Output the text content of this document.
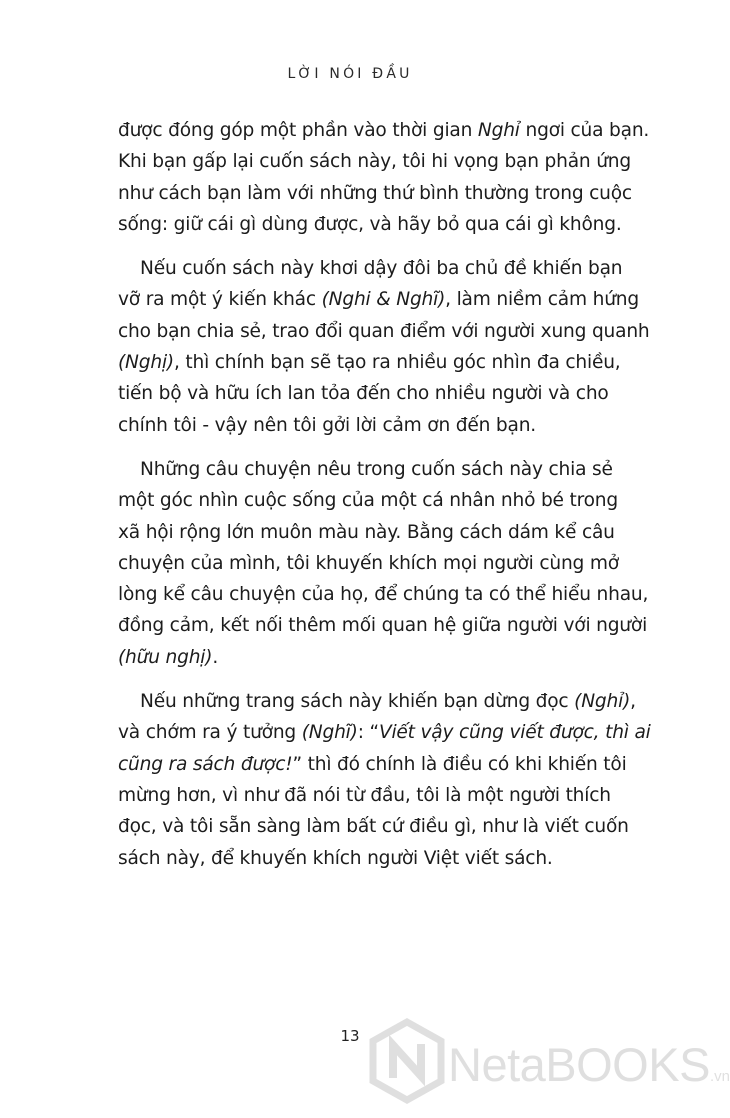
LỜI NÓI ĐẦU

được đóng góp một phần vào thời gian Nghỉ ngơi của bạn.
Khi bạn gấp lại cuốn sách này, tôi hi vọng bạn phản ứng
như cách bạn làm với những thứ bình thường trong cuộc
sống: giữ cái gì dùng được, và hãy bỏ qua cái gì không.

Nếu cuốn sách này khơi dậy đôi ba chủ đề khiến bạn
vỡ ra một ý kiến khác (Nghi & Nghĩ), làm niềm cảm hứng
cho bạn chia sẻ, trao đổi quan điểm với người xung quanh
(Nghị), thì chính bạn sẽ tạo ra nhiều góc nhìn đa chiều,
tiến bộ và hữu ích lan tỏa đến cho nhiều người và cho
chính tôi - vậy nên tôi gởi lời cảm ơn đến bạn.

Những câu chuyện nêu trong cuốn sách này chia sẻ
một góc nhìn cuộc sống của một cá nhân nhỏ bé trong
xã hội rộng lớn muôn màu này. Bằng cách dám kể câu
chuyện của mình, tôi khuyến khích mọi người cùng mở
lòng kể câu chuyện của họ, để chúng ta có thể hiểu nhau,
đồng cảm, kết nối thêm mối quan hệ giữa người với người
(hữu nghị).

Nếu những trang sách này khiến bạn dừng đọc (Nghỉ),
và chớm ra ý tưởng (Nghĩ): “Viết vậy cũng viết được, thì ai
cũng ra sách được!” thì đó chính là điều có khi khiến tôi
mừng hơn, vì như đã nói từ đầu, tôi là một người thích
đọc, và tôi sẵn sàng làm bất cứ điều gì, như là viết cuốn
sách này, để khuyến khích người Việt viết sách.

13
NetaBOOKS.vn
